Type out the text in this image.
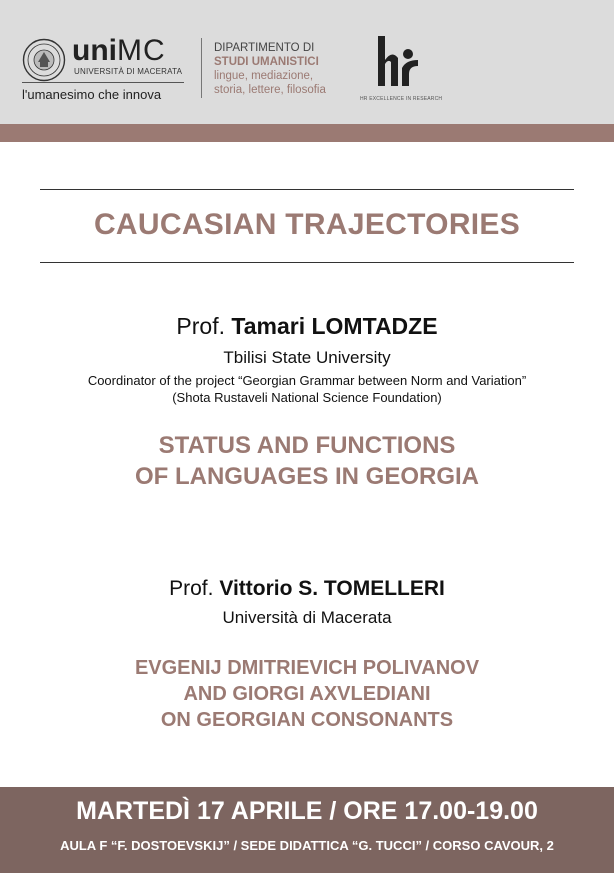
uniMC
UNIVERSITÀ DI MACERATA
l'umanesimo che innova
DIPARTIMENTO DI
STUDI UMANISTICI
lingue, mediazione,
storia, lettere, filosofia
HR EXCELLENCE IN RESEARCH
CAUCASIAN TRAJECTORIES
Prof. Tamari LOMTADZE
Tbilisi State University
Coordinator of the project “Georgian Grammar between Norm and Variation”
(Shota Rustaveli National Science Foundation)
STATUS AND FUNCTIONS
OF LANGUAGES IN GEORGIA
Prof. Vittorio S. TOMELLERI
Università di Macerata
EVGENIJ DMITRIEVICH POLIVANOV
AND GIORGI AXVLEDIANI
ON GEORGIAN CONSONANTS
MARTEDÌ 17 APRILE / ORE 17.00-19.00
AULA F “F. DOSTOEVSKIJ” / SEDE DIDATTICA “G. TUCCI” / CORSO CAVOUR, 2
